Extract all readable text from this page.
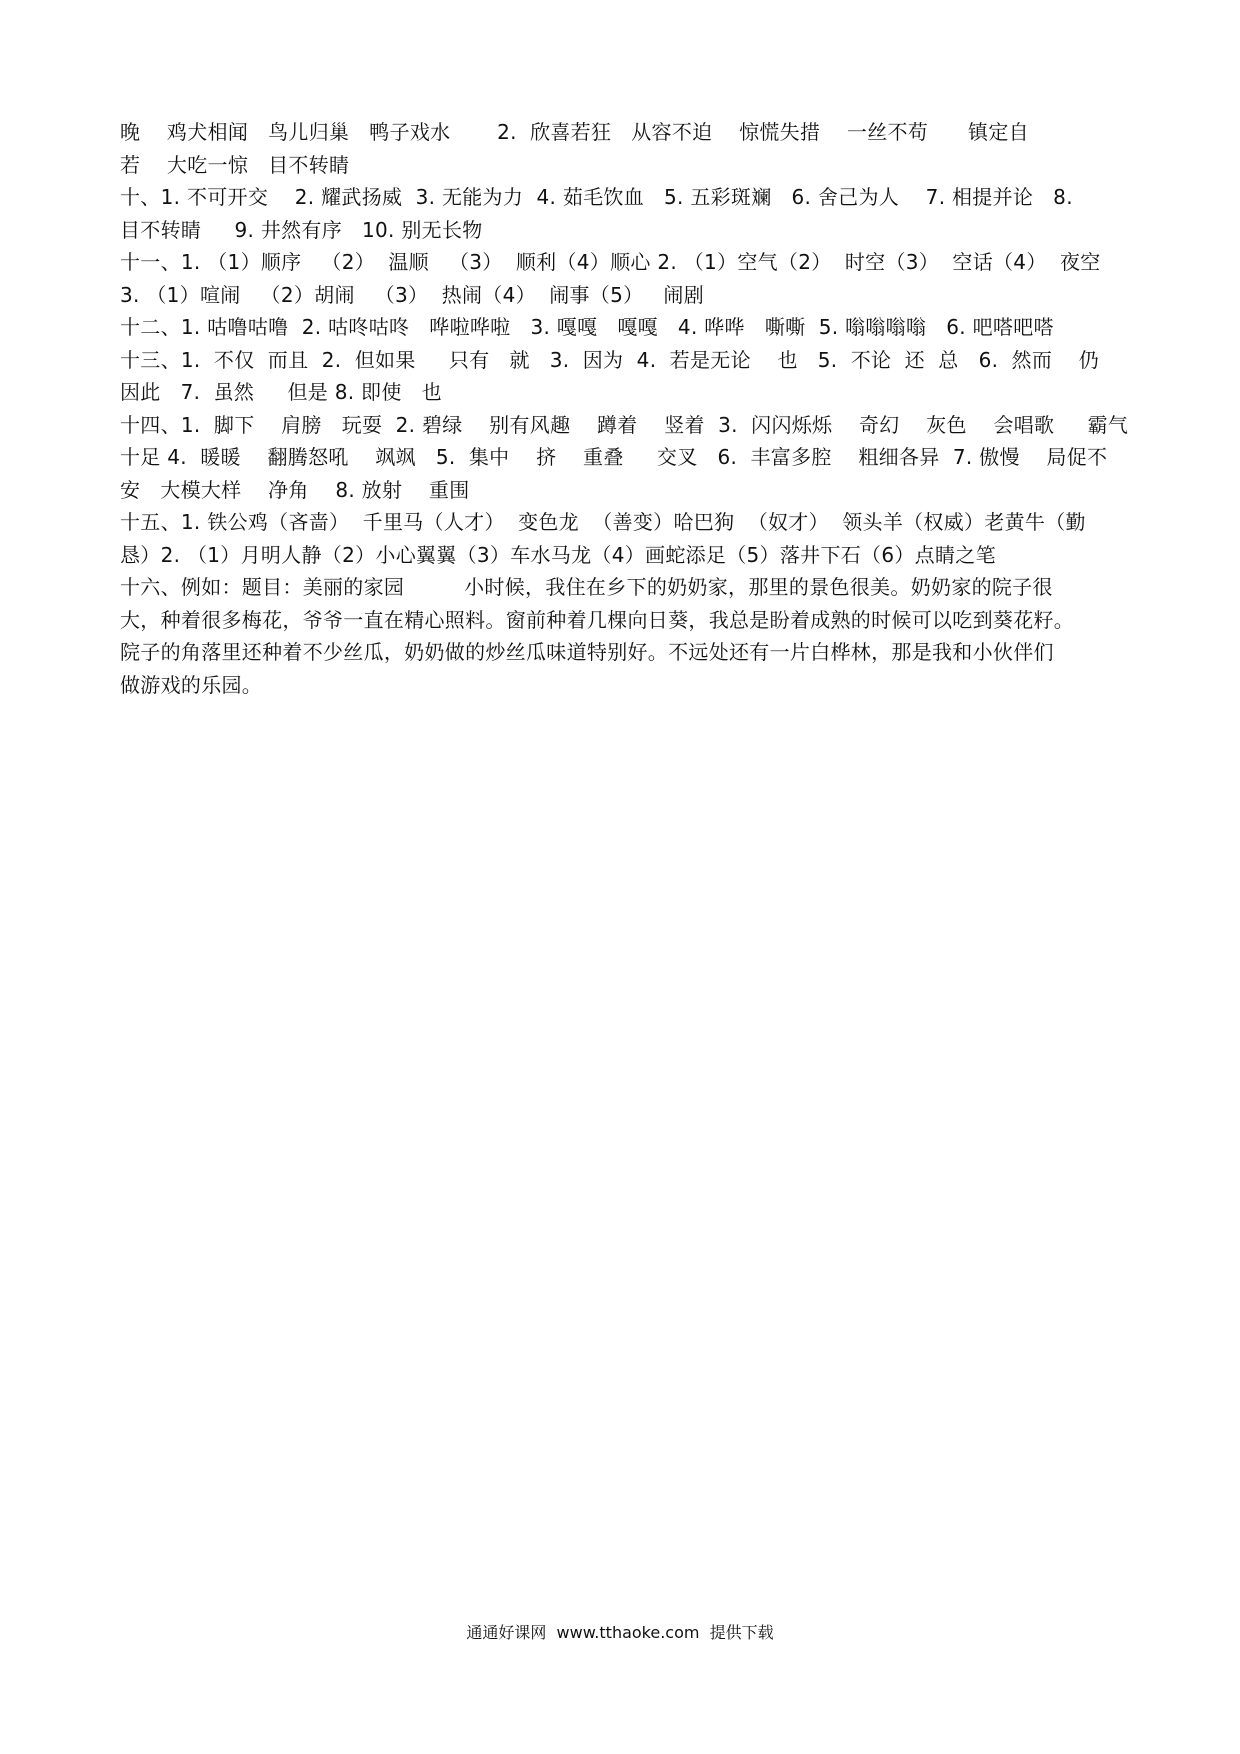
晚    鸡犬相闻   鸟儿归巢   鸭子戏水       2.  欣喜若狂   从容不迫    惊慌失措    一丝不苟      镇定自
若    大吃一惊   目不转睛
十、1. 不可开交    2. 耀武扬威  3. 无能为力  4. 茹毛饮血   5. 五彩斑斓   6. 舍己为人    7. 相提并论   8.
目不转睛     9. 井然有序   10. 别无长物
十一、1. （1）顺序   （2）  温顺   （3）  顺利（4）顺心 2. （1）空气（2）  时空（3）  空话（4）  夜空
3. （1）喧闹   （2）胡闹   （3）  热闹（4）  闹事（5）   闹剧
十二、1. 咕噜咕噜  2. 咕咚咕咚   哗啦哗啦   3. 嘎嘎   嘎嘎   4. 哗哗   嘶嘶  5. 嗡嗡嗡嗡   6. 吧嗒吧嗒
十三、1.  不仅  而且  2.  但如果     只有   就   3.  因为  4.  若是无论    也   5.  不论  还  总   6.  然而    仍
因此   7.  虽然     但是 8. 即使   也
十四、1.  脚下    肩膀   玩耍  2. 碧绿    别有风趣    蹲着    竖着  3.  闪闪烁烁    奇幻    灰色    会唱歌     霸气
十足 4.  暖暖    翻腾怒吼    飒飒   5.  集中    挤    重叠     交叉   6.  丰富多腔    粗细各异  7. 傲慢    局促不
安   大模大样    净角    8. 放射    重围
十五、1. 铁公鸡（吝啬）  千里马（人才）  变色龙  （善变）哈巴狗  （奴才）  领头羊（权威）老黄牛（勤
恳）2. （1）月明人静（2）小心翼翼（3）车水马龙（4）画蛇添足（5）落井下石（6）点睛之笔
十六、例如：题目：美丽的家园         小时候，我住在乡下的奶奶家，那里的景色很美。奶奶家的院子很
大，种着很多梅花，爷爷一直在精心照料。窗前种着几棵向日葵，我总是盼着成熟的时候可以吃到葵花籽。
院子的角落里还种着不少丝瓜，奶奶做的炒丝瓜味道特别好。不远处还有一片白桦林，那是我和小伙伴们
做游戏的乐园。
通通好课网  www.tthaoke.com  提供下载
